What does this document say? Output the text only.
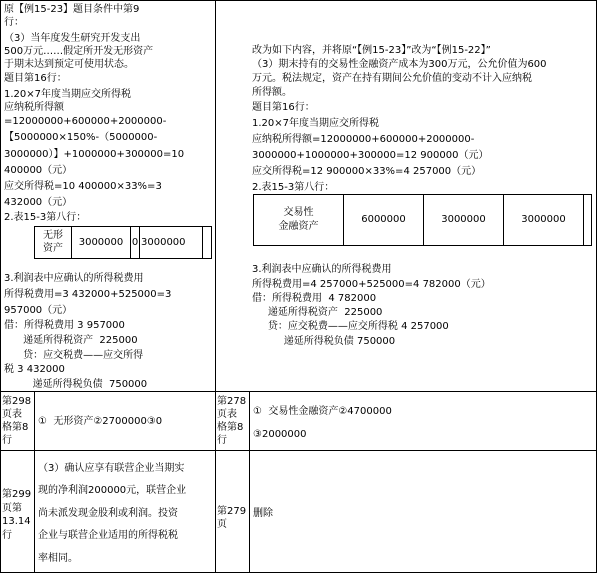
原【例15-23】题目条件中第9
行：
（3）当年度发生研究开发支出
500万元……假定所开发无形资产
于期末达到预定可使用状态。
题目第16行：
1.20×7年度当期应交所得税
应纳税所得额
=12000000+600000+2000000-
【5000000×150%-（5000000-
3000000）】+1000000+300000=10
400000（元）
应交所得税=10 400000×33%=3
432000（元）
2.表15-3第八行：
无形
资产
3000000 0 3000000
3.利润表中应确认的所得税费用
所得税费用=3 432000+525000=3
957000（元）
借：所得税费用 3 957000
递延所得税资产  225000
贷：应交税费——应交所得
税 3 432000
递延所得税负债  750000
改为如下内容，并将原“【例15-23】”改为“【例15-22】”
（3）期末持有的交易性金融资产成本为300万元，公允价值为600
万元。税法规定，资产在持有期间公允价值的变动不计入应纳税
所得额。
题目第16行：
1.20×7年度当期应交所得税
应纳税所得额=12000000+600000+2000000-
3000000+1000000+300000=12 900000（元）
应交所得税=12 900000×33%=4 257000（元）
2.表15-3第八行：
交易性
金融资产
6000000	3000000	3000000
3.利润表中应确认的所得税费用
所得税费用=4 257000+525000=4 782000（元）
借：所得税费用  4 782000
递延所得税资产  225000
贷：应交税费——应交所得税 4 257000
递延所得税负债 750000
第298
页表
格第8
行
①  无形资产②2700000③0
第278
页表
格第8
行
①  交易性金融资产②4700000
③2000000
第299
页第
13.14
行
（3）确认应享有联营企业当期实
现的净利润200000元，联营企业
尚未派发现金股利或利润。投资
企业与联营企业适用的所得税税
率相同。
第279
页
删除
